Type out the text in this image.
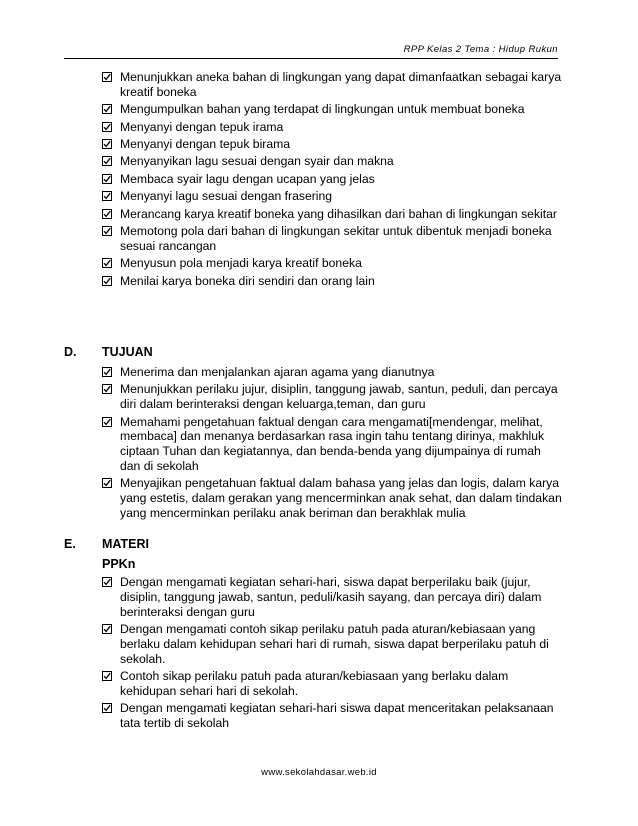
RPP Kelas 2 Tema : Hidup Rukun
Menunjukkan aneka bahan di lingkungan yang dapat dimanfaatkan sebagai karya kreatif boneka
Mengumpulkan bahan yang terdapat di lingkungan untuk membuat boneka
Menyanyi dengan tepuk irama
Menyanyi dengan tepuk birama
Menyanyikan lagu sesuai dengan syair dan makna
Membaca syair lagu dengan ucapan yang jelas
Menyanyi lagu sesuai dengan frasering
Merancang karya kreatif boneka yang dihasilkan dari bahan di lingkungan sekitar
Memotong pola dari bahan di lingkungan sekitar untuk dibentuk menjadi boneka sesuai rancangan
Menyusun pola menjadi karya kreatif boneka
Menilai karya boneka diri sendiri dan orang lain
D. TUJUAN
Menerima dan menjalankan ajaran agama yang dianutnya
Menunjukkan perilaku jujur, disiplin, tanggung jawab, santun, peduli, dan percaya diri dalam berinteraksi dengan keluarga,teman, dan guru
Memahami pengetahuan faktual dengan cara mengamati[mendengar, melihat, membaca] dan menanya berdasarkan rasa ingin tahu tentang dirinya, makhluk ciptaan Tuhan dan kegiatannya, dan benda-benda yang dijumpainya di rumah dan di sekolah
Menyajikan pengetahuan faktual dalam bahasa yang jelas dan logis, dalam karya yang estetis, dalam gerakan yang mencerminkan anak sehat, dan dalam tindakan yang mencerminkan perilaku anak beriman dan berakhlak mulia
E. MATERI
PPKn
Dengan mengamati kegiatan sehari-hari, siswa dapat berperilaku baik (jujur, disiplin, tanggung jawab, santun, peduli/kasih sayang, dan percaya diri) dalam berinteraksi dengan guru
Dengan mengamati contoh sikap perilaku patuh pada aturan/kebiasaan yang berlaku dalam kehidupan sehari hari di rumah, siswa dapat berperilaku patuh di sekolah.
Contoh sikap perilaku patuh pada aturan/kebiasaan yang berlaku dalam kehidupan sehari hari di sekolah.
Dengan mengamati kegiatan sehari-hari siswa dapat menceritakan pelaksanaan tata tertib di sekolah
www.sekolahdasar.web.id
